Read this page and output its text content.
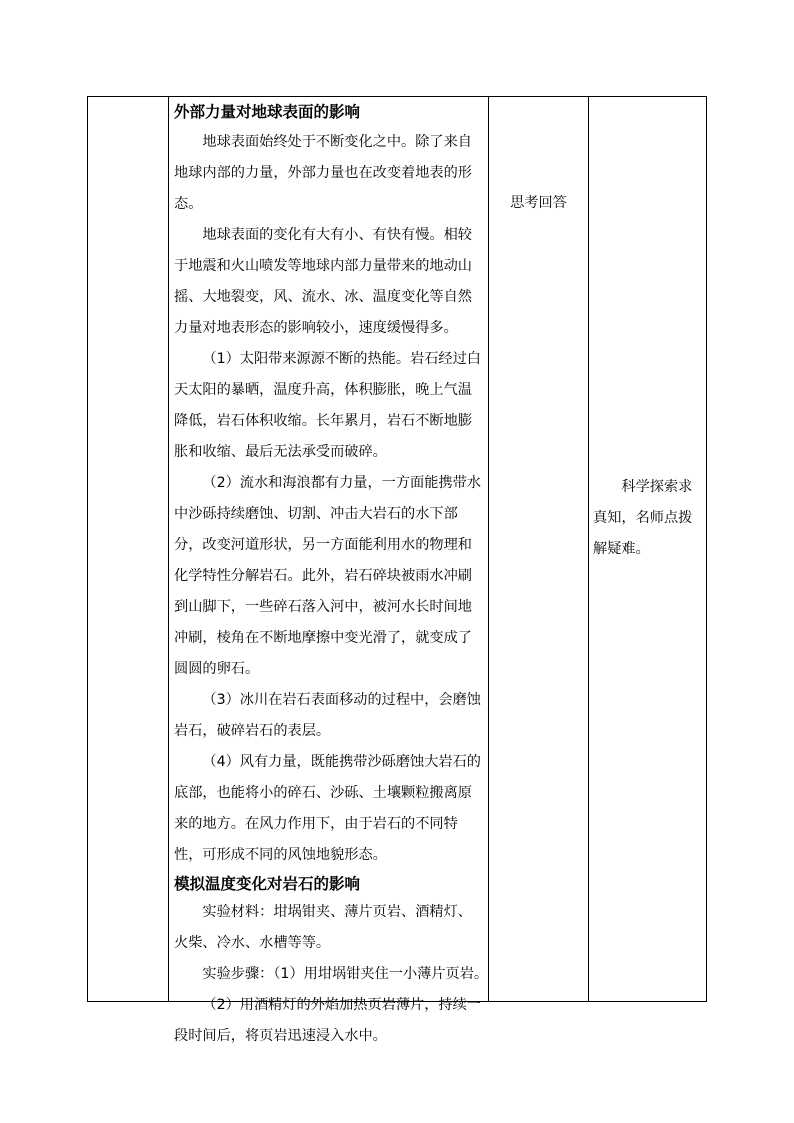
外部力量对地球表面的影响

地球表面始终处于不断变化之中。除了来自地球内部的力量，外部力量也在改变着地表的形态。

地球表面的变化有大有小、有快有慢。相较于地震和火山喷发等地球内部力量带来的地动山摇、大地裂变，风、流水、冰、温度变化等自然力量对地表形态的影响较小，速度缓慢得多。

（1）太阳带来源源不断的热能。岩石经过白天太阳的暴晒，温度升高，体积膨胀，晚上气温降低，岩石体积收缩。长年累月，岩石不断地膨胀和收缩、最后无法承受而破碎。

（2）流水和海浪都有力量，一方面能携带水中沙砾持续磨蚀、切割、冲击大岩石的水下部分，改变河道形状，另一方面能利用水的物理和化学特性分解岩石。此外，岩石碎块被雨水冲刷到山脚下，一些碎石落入河中，被河水长时间地冲刷，棱角在不断地摩擦中变光滑了，就变成了圆圆的卵石。

（3）冰川在岩石表面移动的过程中，会磨蚀岩石，破碎岩石的表层。

（4）风有力量，既能携带沙砾磨蚀大岩石的底部，也能将小的碎石、沙砾、土壤颗粒搬离原来的地方。在风力作用下，由于岩石的不同特性，可形成不同的风蚀地貌形态。

模拟温度变化对岩石的影响

实验材料：坩埚钳夹、薄片页岩、酒精灯、火柴、冷水、水槽等等。

实验步骤：（1）用坩埚钳夹住一小薄片页岩。

（2）用酒精灯的外焰加热页岩薄片，持续一段时间后，将页岩迅速浸入水中。

思考回答
科学探索求真知，名师点拨解疑难。
